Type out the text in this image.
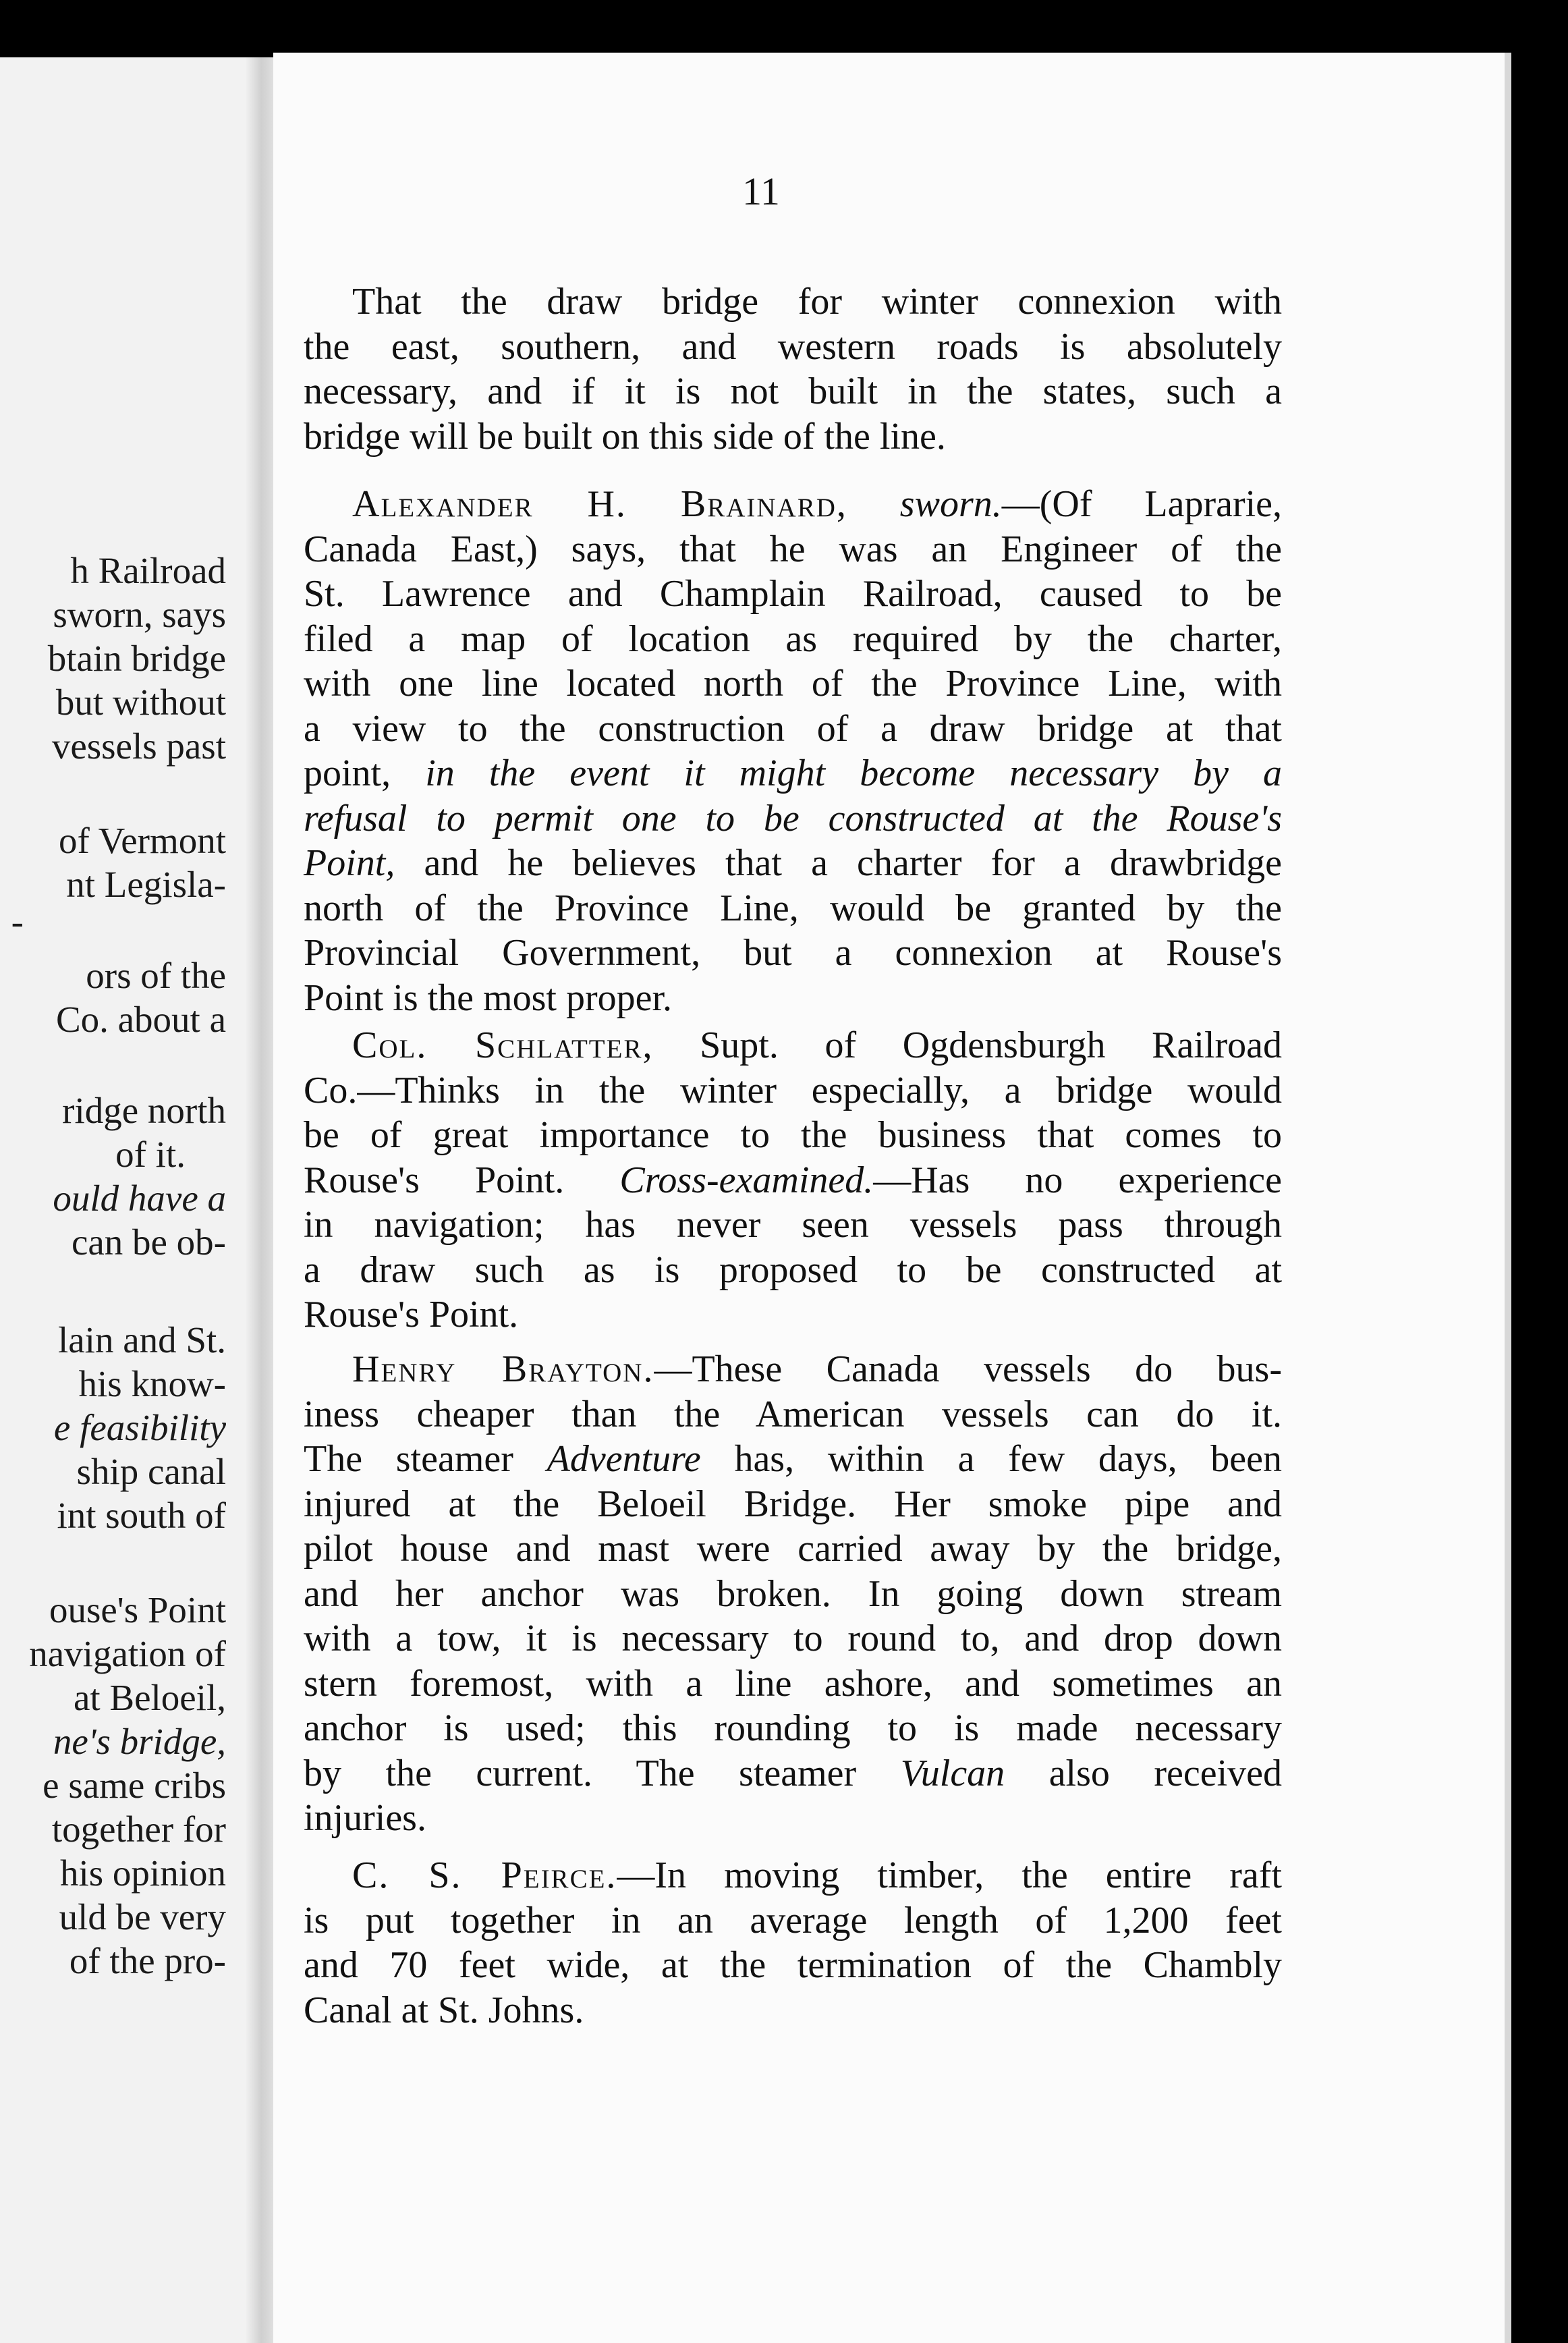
h Railroad
sworn, says
btain bridge
but without
vessels past
of Vermont
nt Legisla-
-
ors of the
Co. about a
ridge north
of it.
ould have a
can be ob-
lain and St.
his know-
e feasibility
ship canal
int south of
ouse's Point
navigation of
at Beloeil,
ne's bridge,
e same cribs
together for
his opinion
uld be very
of the pro-
11
That the draw bridge for winter connexion with
the east, southern, and western roads is absolutely
necessary, and if it is not built in the states, such a
bridge will be built on this side of the line.
Alexander H. Brainard, sworn.—(Of Laprarie,
Canada East,) says, that he was an Engineer of the
St. Lawrence and Champlain Railroad, caused to be
filed a map of location as required by the charter,
with one line located north of the Province Line, with
a view to the construction of a draw bridge at that
point, in the event it might become necessary by a
refusal to permit one to be constructed at the Rouse's
Point, and he believes that a charter for a drawbridge
north of the Province Line, would be granted by the
Provincial Government, but a connexion at Rouse's
Point is the most proper.
Col. Schlatter, Supt. of Ogdensburgh Railroad
Co.—Thinks in the winter especially, a bridge would
be of great importance to the business that comes to
Rouse's Point. Cross-examined.—Has no experience
in navigation; has never seen vessels pass through
a draw such as is proposed to be constructed at
Rouse's Point.
Henry Brayton.—These Canada vessels do bus-
iness cheaper than the American vessels can do it.
The steamer Adventure has, within a few days, been
injured at the Beloeil Bridge. Her smoke pipe and
pilot house and mast were carried away by the bridge,
and her anchor was broken. In going down stream
with a tow, it is necessary to round to, and drop down
stern foremost, with a line ashore, and sometimes an
anchor is used; this rounding to is made necessary
by the current. The steamer Vulcan also received
injuries.
C. S. Peirce.—In moving timber, the entire raft
is put together in an average length of 1,200 feet
and 70 feet wide, at the termination of the Chambly
Canal at St. Johns.
